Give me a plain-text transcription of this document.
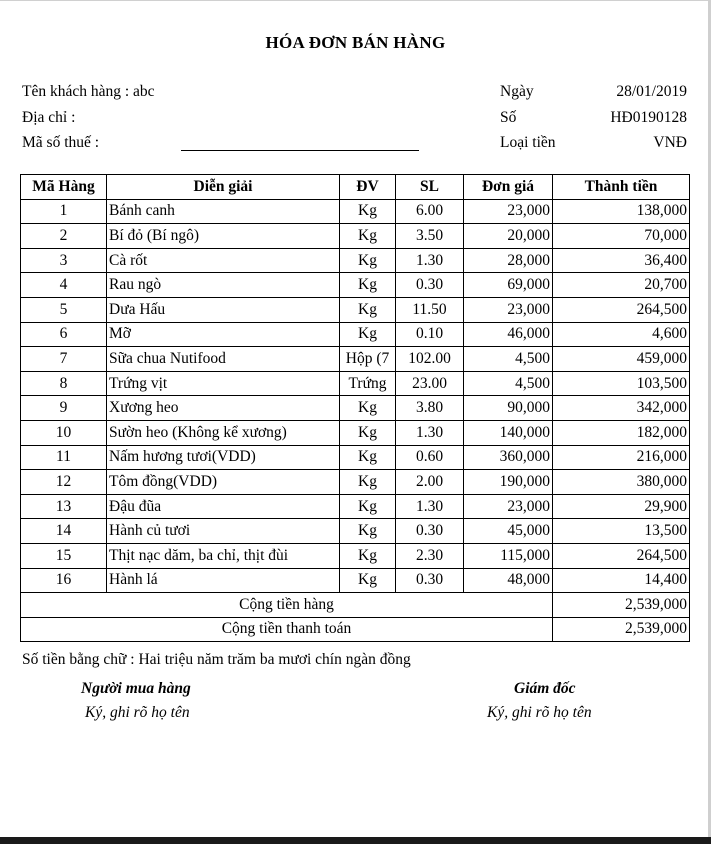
HÓA ĐƠN BÁN HÀNG
Tên khách hàng : abc
Địa chỉ :
Mã số thuế :
Ngày	28/01/2019
Số	HĐ0190128
Loại tiền	VNĐ
Mã Hàng	Diễn giải	ĐV	SL	Đơn giá	Thành tiền
1	Bánh canh	Kg	6.00	23,000	138,000
2	Bí đỏ (Bí ngô)	Kg	3.50	20,000	70,000
3	Cà rốt	Kg	1.30	28,000	36,400
4	Rau ngò	Kg	0.30	69,000	20,700
5	Dưa Hấu	Kg	11.50	23,000	264,500
6	Mỡ	Kg	0.10	46,000	4,600
7	Sữa chua Nutifood	Hộp (7	102.00	4,500	459,000
8	Trứng vịt	Trứng	23.00	4,500	103,500
9	Xương heo	Kg	3.80	90,000	342,000
10	Sườn heo (Không kể xương)	Kg	1.30	140,000	182,000
11	Nấm hương tươi(VDD)	Kg	0.60	360,000	216,000
12	Tôm đồng(VDD)	Kg	2.00	190,000	380,000
13	Đậu đũa	Kg	1.30	23,000	29,900
14	Hành củ tươi	Kg	0.30	45,000	13,500
15	Thịt nạc dăm, ba chỉ, thịt đùi	Kg	2.30	115,000	264,500
16	Hành lá	Kg	0.30	48,000	14,400
Cộng tiền hàng					2,539,000
Cộng tiền thanh toán					2,539,000
Số tiền bằng chữ : Hai triệu năm trăm ba mươi chín ngàn đồng
Người mua hàng
Ký, ghi rõ họ tên
Giám đốc
Ký, ghi rõ họ tên
